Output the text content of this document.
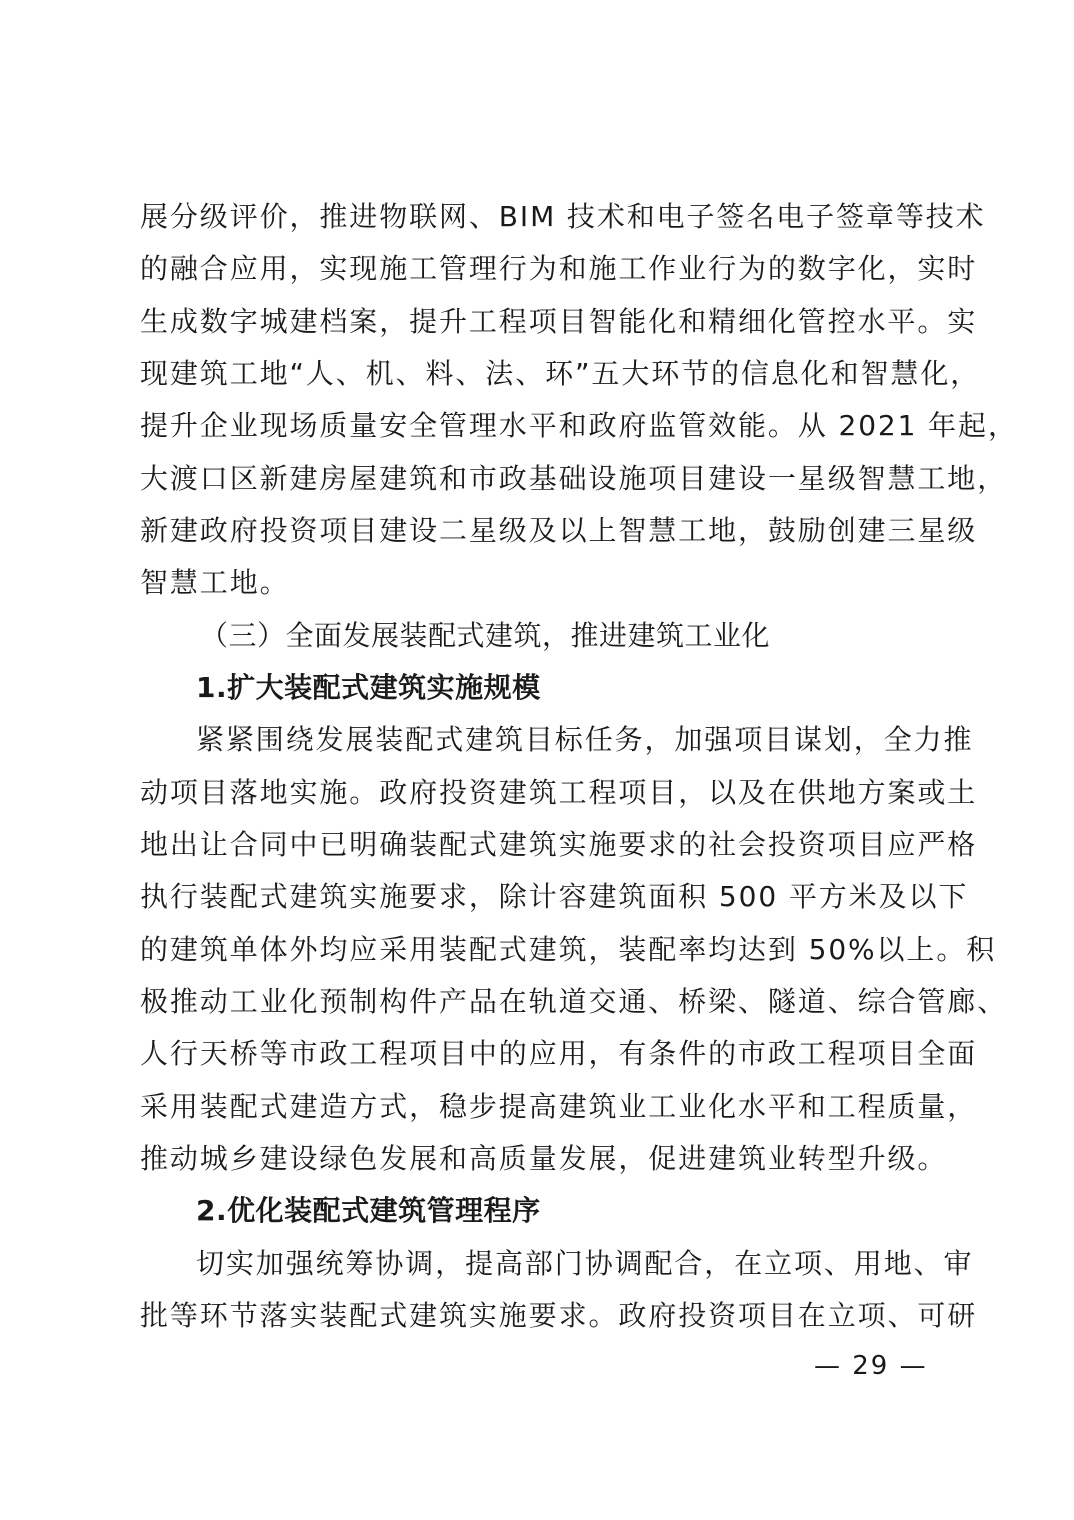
展分级评价，推进物联网、BIM 技术和电子签名电子签章等技术
的融合应用，实现施工管理行为和施工作业行为的数字化，实时
生成数字城建档案，提升工程项目智能化和精细化管控水平。实
现建筑工地“人、机、料、法、环”五大环节的信息化和智慧化，
提升企业现场质量安全管理水平和政府监管效能。从 2021 年起，
大渡口区新建房屋建筑和市政基础设施项目建设一星级智慧工地，
新建政府投资项目建设二星级及以上智慧工地，鼓励创建三星级
智慧工地。
（三）全面发展装配式建筑，推进建筑工业化
1.扩大装配式建筑实施规模
紧紧围绕发展装配式建筑目标任务，加强项目谋划，全力推
动项目落地实施。政府投资建筑工程项目，以及在供地方案或土
地出让合同中已明确装配式建筑实施要求的社会投资项目应严格
执行装配式建筑实施要求，除计容建筑面积 500 平方米及以下
的建筑单体外均应采用装配式建筑，装配率均达到 50%以上。积
极推动工业化预制构件产品在轨道交通、桥梁、隧道、综合管廊、
人行天桥等市政工程项目中的应用，有条件的市政工程项目全面
采用装配式建造方式，稳步提高建筑业工业化水平和工程质量，
推动城乡建设绿色发展和高质量发展，促进建筑业转型升级。
2.优化装配式建筑管理程序
切实加强统筹协调，提高部门协调配合，在立项、用地、审
批等环节落实装配式建筑实施要求。政府投资项目在立项、可研
— 29 —
